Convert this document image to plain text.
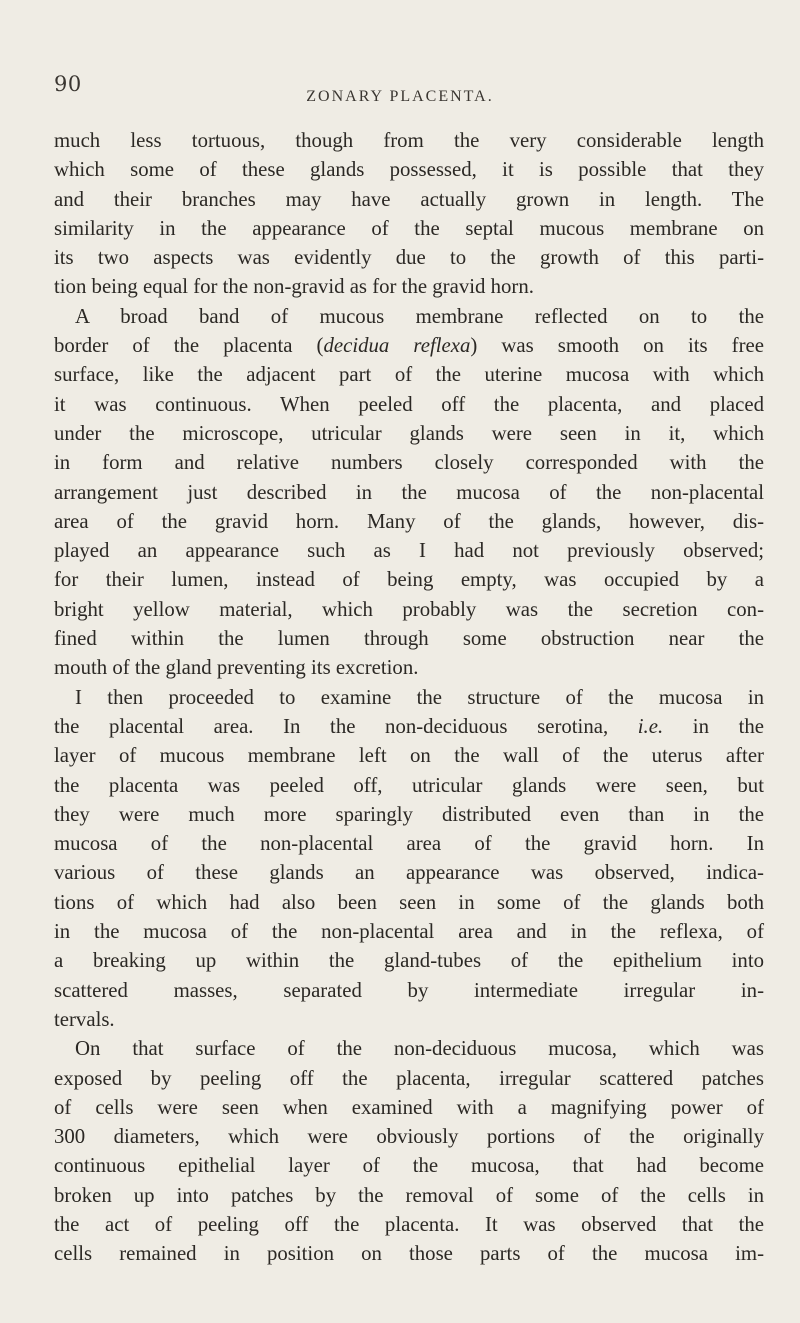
90
ZONARY PLACENTA.
much less tortuous, though from the very considerable length
which some of these glands possessed, it is possible that they
and their branches may have actually grown in length. The
similarity in the appearance of the septal mucous membrane on
its two aspects was evidently due to the growth of this parti-
tion being equal for the non-gravid as for the gravid horn.
A broad band of mucous membrane reflected on to the
border of the placenta (decidua reflexa) was smooth on its free
surface, like the adjacent part of the uterine mucosa with which
it was continuous. When peeled off the placenta, and placed
under the microscope, utricular glands were seen in it, which
in form and relative numbers closely corresponded with the
arrangement just described in the mucosa of the non-placental
area of the gravid horn. Many of the glands, however, dis-
played an appearance such as I had not previously observed;
for their lumen, instead of being empty, was occupied by a
bright yellow material, which probably was the secretion con-
fined within the lumen through some obstruction near the
mouth of the gland preventing its excretion.
I then proceeded to examine the structure of the mucosa in
the placental area. In the non-deciduous serotina, i.e. in the
layer of mucous membrane left on the wall of the uterus after
the placenta was peeled off, utricular glands were seen, but
they were much more sparingly distributed even than in the
mucosa of the non-placental area of the gravid horn. In
various of these glands an appearance was observed, indica-
tions of which had also been seen in some of the glands both
in the mucosa of the non-placental area and in the reflexa, of
a breaking up within the gland-tubes of the epithelium into
scattered masses, separated by intermediate irregular in-
tervals.
On that surface of the non-deciduous mucosa, which was
exposed by peeling off the placenta, irregular scattered patches
of cells were seen when examined with a magnifying power of
300 diameters, which were obviously portions of the originally
continuous epithelial layer of the mucosa, that had become
broken up into patches by the removal of some of the cells in
the act of peeling off the placenta. It was observed that the
cells remained in position on those parts of the mucosa im-
